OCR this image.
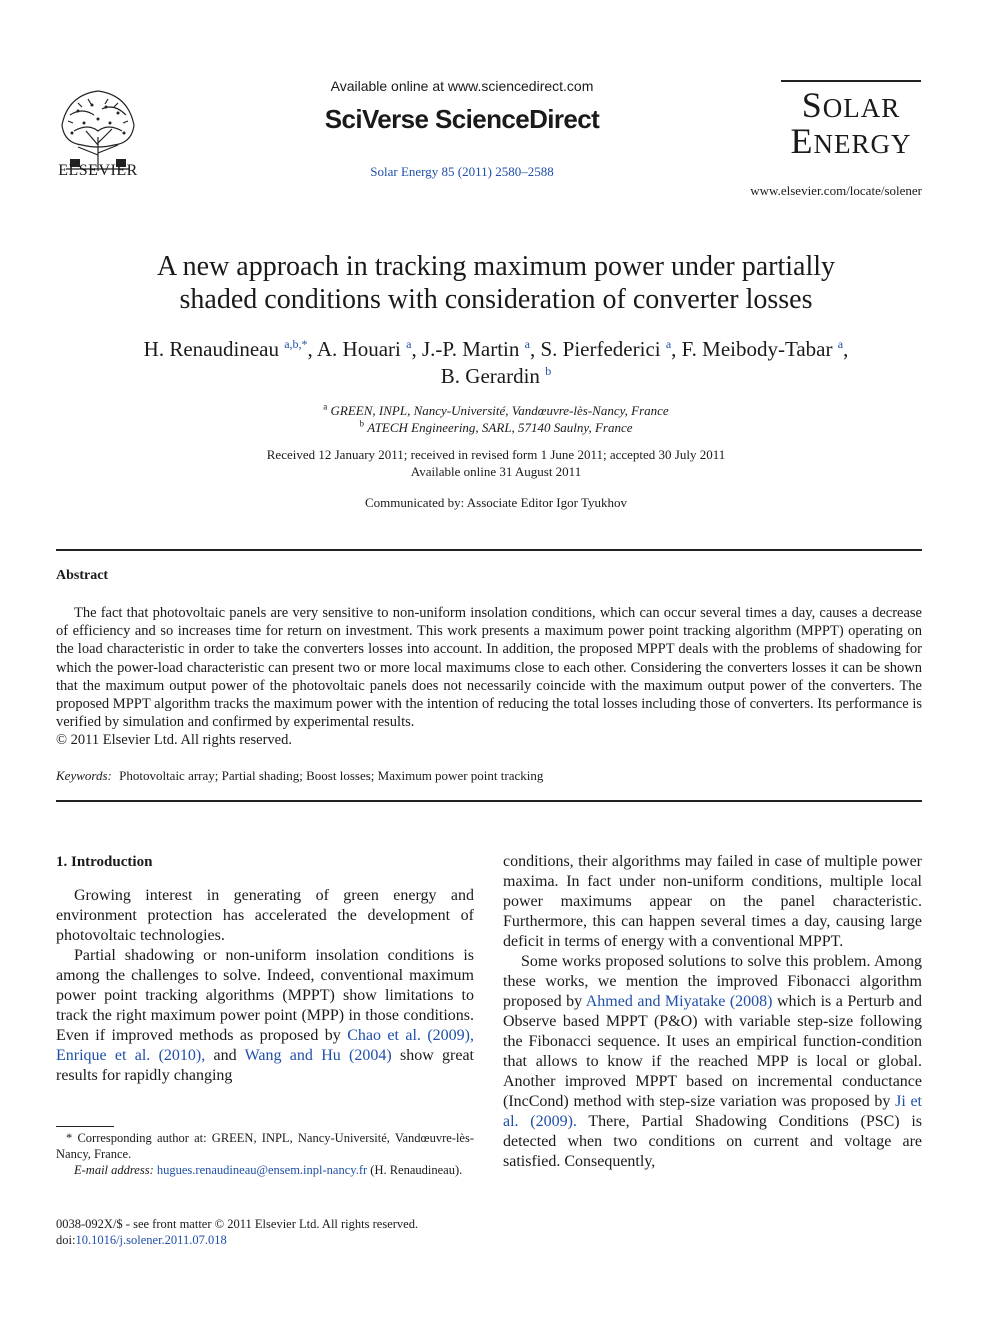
ELSEVIER
Available online at www.sciencedirect.com
SciVerse ScienceDirect
Solar Energy 85 (2011) 2580–2588
SOLAR
ENERGY
www.elsevier.com/locate/solener
A new approach in tracking maximum power under partially
shaded conditions with consideration of converter losses
H. Renaudineau $^{a,b,*}$, A. Houari $^a$, J.-P. Martin $^a$, S. Pierfederici $^a$, F. Meibody-Tabar $^a$,
B. Gerardin $^b$
$^a$ GREEN, INPL, Nancy-Université, Vandœuvre-lès-Nancy, France
$^b$ ATECH Engineering, SARL, 57140 Saulny, France
Received 12 January 2011; received in revised form 1 June 2011; accepted 30 July 2011
Available online 31 August 2011
Communicated by: Associate Editor Igor Tyukhov
Abstract
The fact that photovoltaic panels are very sensitive to non-uniform insolation conditions, which can occur several times a day, causes a decrease of efficiency and so increases time for return on investment. This work presents a maximum power point tracking algorithm (MPPT) operating on the load characteristic in order to take the converters losses into account. In addition, the proposed MPPT deals with the problems of shadowing for which the power-load characteristic can present two or more local maximums close to each other. Considering the converters losses it can be shown that the maximum output power of the photovoltaic panels does not necessarily coincide with the maximum output power of the converters. The proposed MPPT algorithm tracks the maximum power with the intention of reducing the total losses including those of converters. Its performance is verified by simulation and confirmed by experimental results.
© 2011 Elsevier Ltd. All rights reserved.
Keywords: Photovoltaic array; Partial shading; Boost losses; Maximum power point tracking
1. Introduction

Growing interest in generating of green energy and environment protection has accelerated the development of photovoltaic technologies.

Partial shadowing or non-uniform insolation conditions is among the challenges to solve. Indeed, conventional maximum power point tracking algorithms (MPPT) show limitations to track the right maximum power point (MPP) in those conditions. Even if improved methods as proposed by Chao et al. (2009), Enrique et al. (2010), and Wang and Hu (2004) show great results for rapidly changing

conditions, their algorithms may failed in case of multiple power maxima. In fact under non-uniform conditions, multiple local power maximums appear on the panel characteristic. Furthermore, this can happen several times a day, causing large deficit in terms of energy with a conventional MPPT.

Some works proposed solutions to solve this problem. Among these works, we mention the improved Fibonacci algorithm proposed by Ahmed and Miyatake (2008) which is a Perturb and Observe based MPPT (P&O) with variable step-size following the Fibonacci sequence. It uses an empirical function-condition that allows to know if the reached MPP is local or global. Another improved MPPT based on incremental conductance (IncCond) method with step-size variation was proposed by Ji et al. (2009). There, Partial Shadowing Conditions (PSC) is detected when two conditions on current and voltage are satisfied. Consequently,

* Corresponding author at: GREEN, INPL, Nancy-Université, Vandœuvre-lès-Nancy, France.
E-mail address: hugues.renaudineau@ensem.inpl-nancy.fr (H. Renaudineau).
0038-092X/$ - see front matter © 2011 Elsevier Ltd. All rights reserved.
doi:10.1016/j.solener.2011.07.018
